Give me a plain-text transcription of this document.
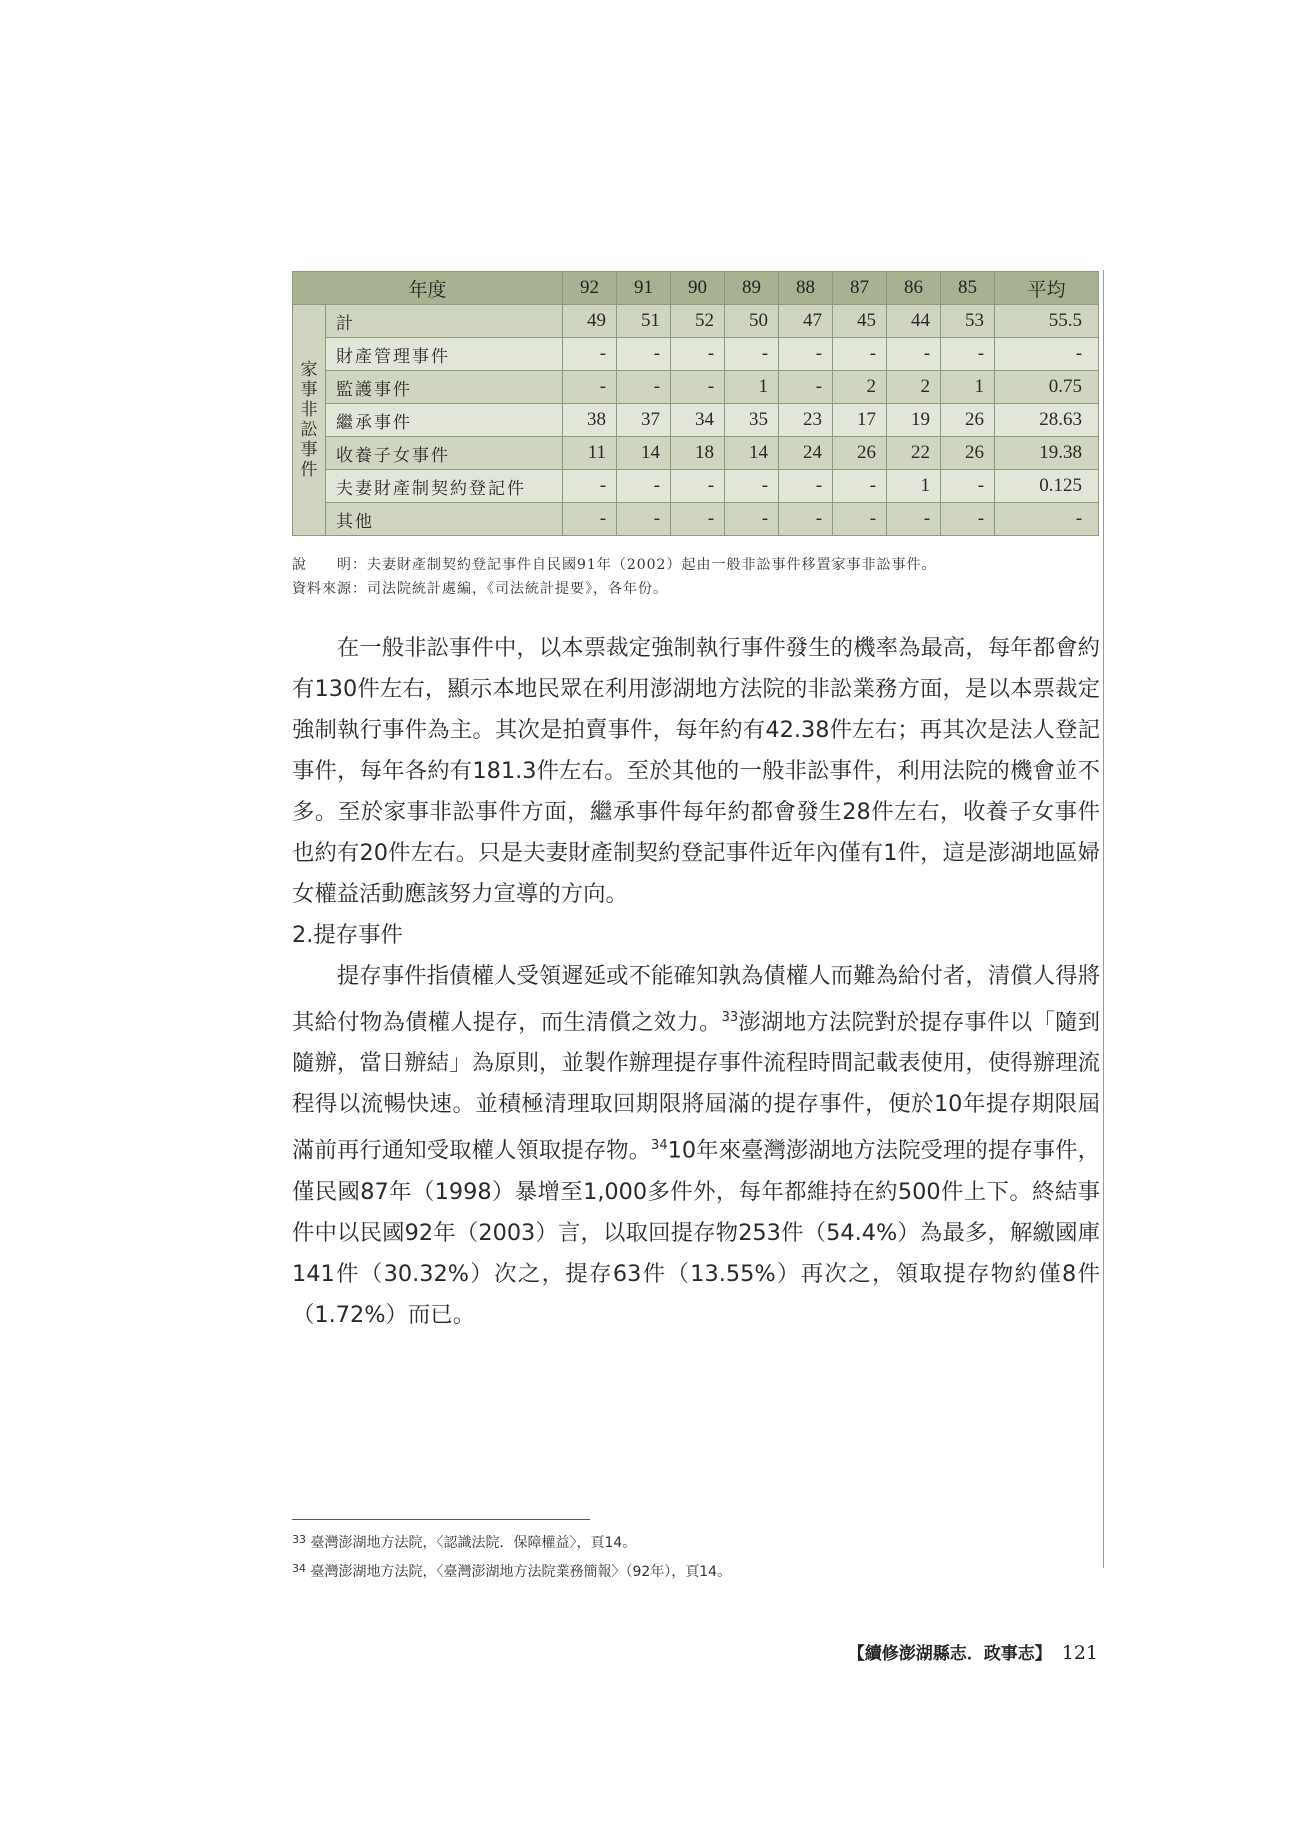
年度		92	91	90	89	88	87	86	85	平均
家事非訟事件	計	49	51	52	50	47	45	44	53	55.5
	財產管理事件	-	-	-	-	-	-	-	-	-
	監護事件	-	-	-	1	-	2	2	1	0.75
	繼承事件	38	37	34	35	23	17	19	26	28.63
	收養子女事件	11	14	18	14	24	26	22	26	19.38
	夫妻財產制契約登記件	-	-	-	-	-	-	1	-	0.125
	其他	-	-	-	-	-	-	-	-	-
說　　明：夫妻財產制契約登記事件自民國91年（2002）起由一般非訟事件移置家事非訟事件。
資料來源：司法院統計處編，《司法統計提要》，各年份。

在一般非訟事件中，以本票裁定強制執行事件發生的機率為最高，每年都會約有130件左右，顯示本地民眾在利用澎湖地方法院的非訟業務方面，是以本票裁定強制執行事件為主。其次是拍賣事件，每年約有42.38件左右；再其次是法人登記事件，每年各約有181.3件左右。至於其他的一般非訟事件，利用法院的機會並不多。至於家事非訟事件方面，繼承事件每年約都會發生28件左右，收養子女事件也約有20件左右。只是夫妻財產制契約登記事件近年內僅有1件，這是澎湖地區婦女權益活動應該努力宣導的方向。

2.提存事件

提存事件指債權人受領遲延或不能確知孰為債權人而難為給付者，清償人得將其給付物為債權人提存，而生清償之效力。$^{33}$澎湖地方法院對於提存事件以「隨到隨辦，當日辦結」為原則，並製作辦理提存事件流程時間記載表使用，使得辦理流程得以流暢快速。並積極清理取回期限將屆滿的提存事件，便於10年提存期限屆滿前再行通知受取權人領取提存物。$^{34}$10年來臺灣澎湖地方法院受理的提存事件，僅民國87年（1998）暴增至1,000多件外，每年都維持在約500件上下。終結事件中以民國92年（2003）言，以取回提存物253件（54.4%）為最多，解繳國庫141件（30.32%）次之，提存63件（13.55%）再次之，領取提存物約僅8件（1.72%）而已。

$^{33}$ 臺灣澎湖地方法院，〈認識法院．保障權益〉，頁14。
$^{34}$ 臺灣澎湖地方法院，〈臺灣澎湖地方法院業務簡報〉（92年），頁14。
【續修澎湖縣志．政事志】 121
